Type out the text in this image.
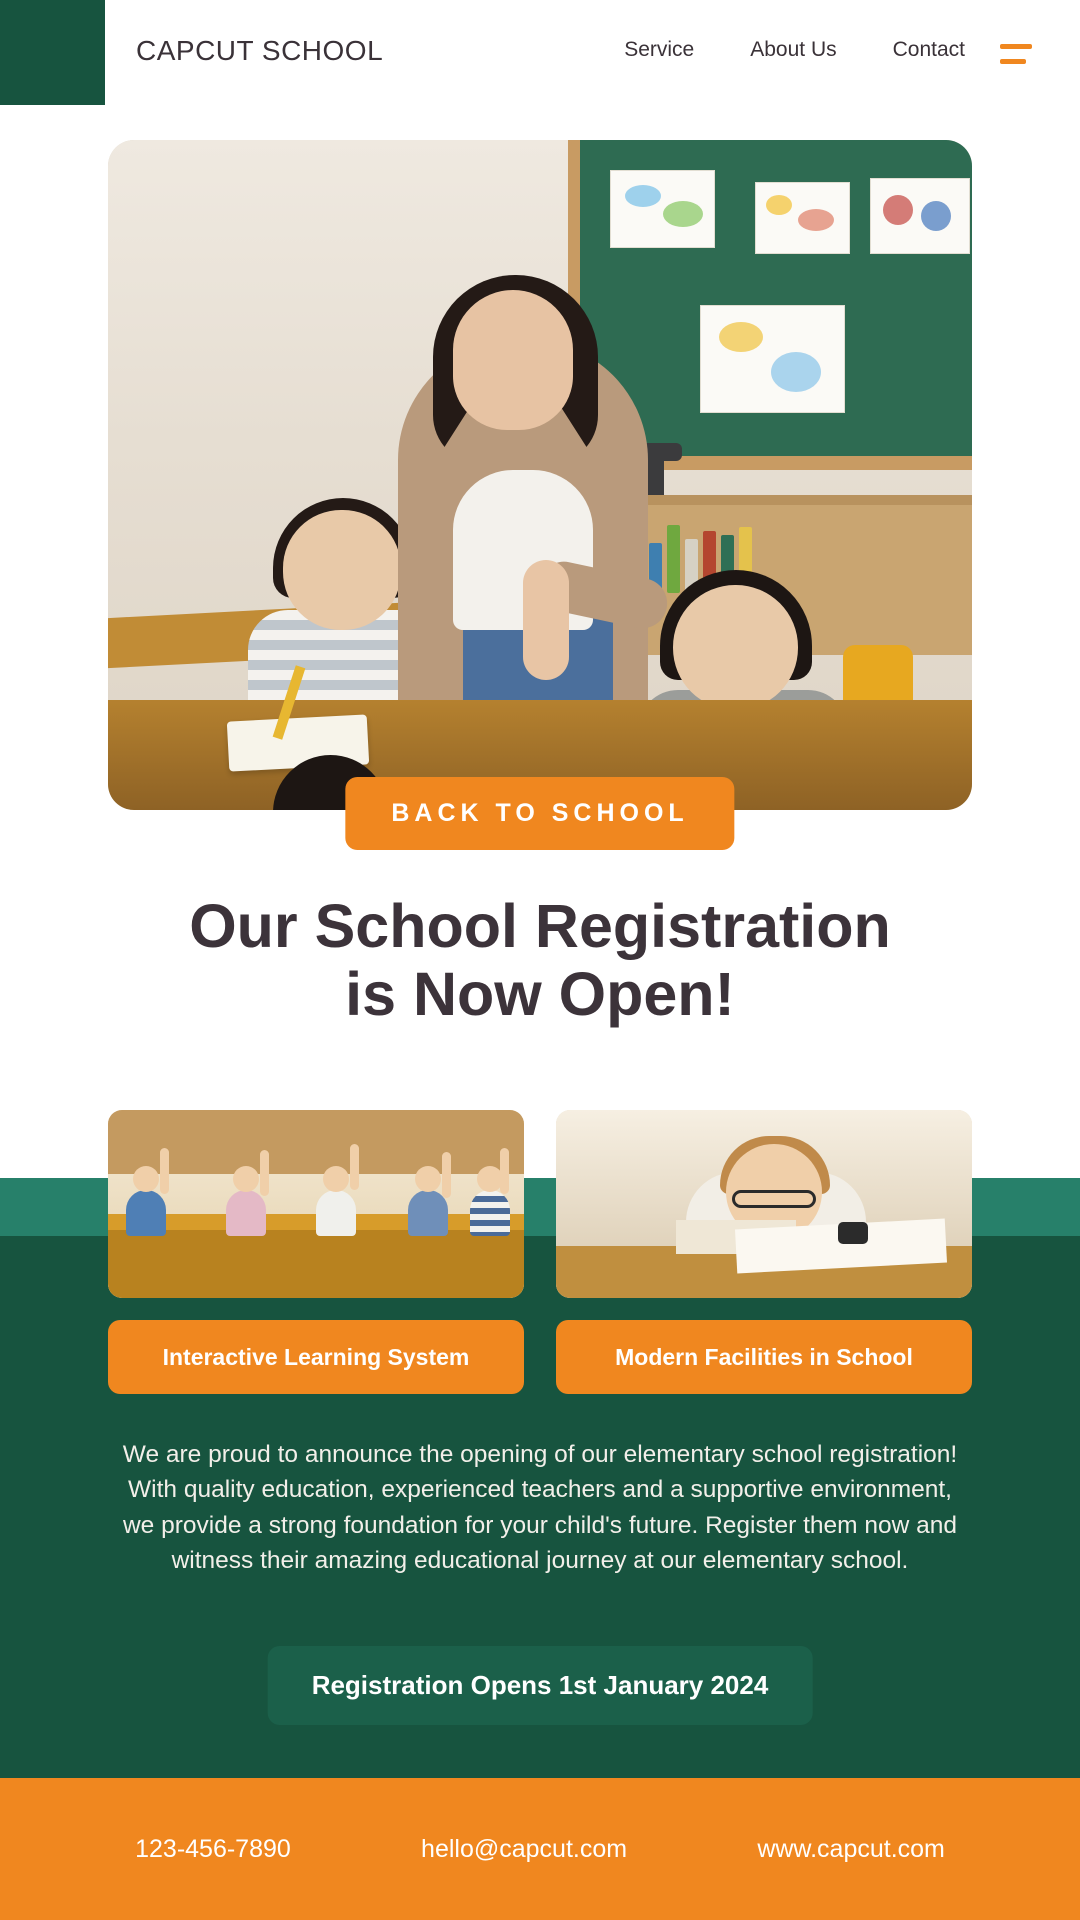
CAPCUT SCHOOL	Service	About Us	Contact
BACK TO SCHOOL
Our School Registration
is Now Open!
Interactive Learning System	Modern Facilities in School

We are proud to announce the opening of our elementary school registration! With quality education, experienced teachers and a supportive environment, we provide a strong foundation for your child's future. Register them now and witness their amazing educational journey at our elementary school.

Registration Opens 1st January 2024
123-456-7890	hello@capcut.com	www.capcut.com
